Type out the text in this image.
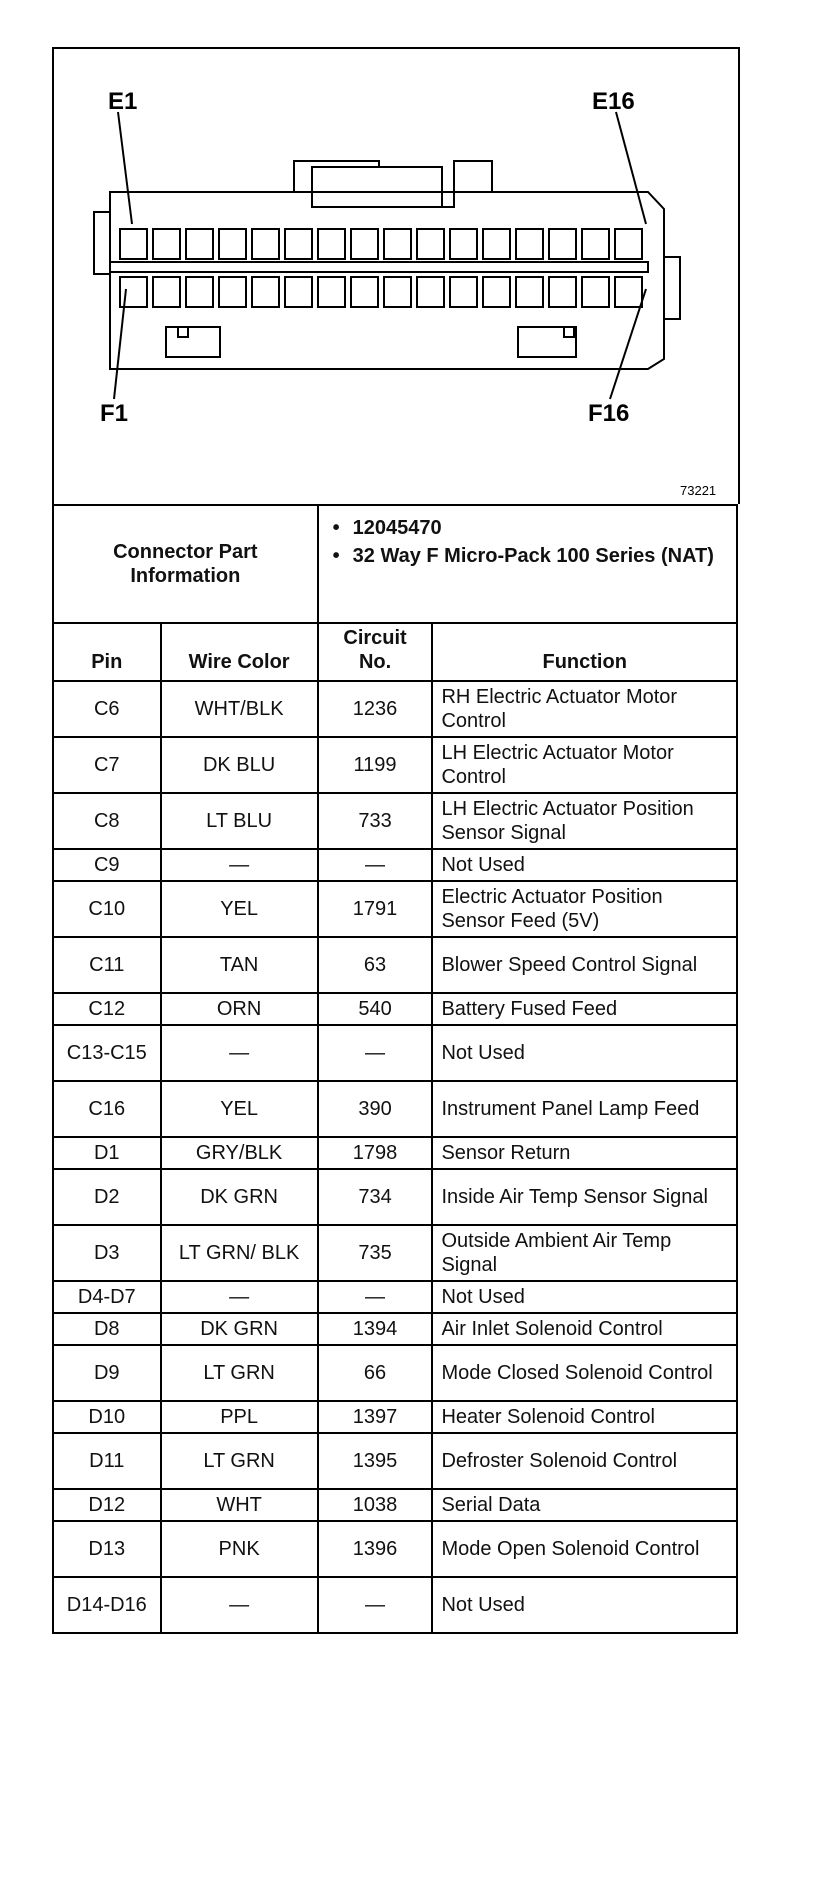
E1	E16
F1	F16
73221
Connector Part Information		• 12045470
• 32 Way F Micro-Pack 100 Series (NAT)

Pin	Wire Color	Circuit No.	Function
C6	WHT/BLK	1236	RH Electric Actuator Motor Control
C7	DK BLU	1199	LH Electric Actuator Motor Control
C8	LT BLU	733	LH Electric Actuator Position Sensor Signal
C9	—	—	Not Used
C10	YEL	1791	Electric Actuator Position Sensor Feed (5V)
C11	TAN	63	Blower Speed Control Signal
C12	ORN	540	Battery Fused Feed
C13-C15	—	—	Not Used
C16	YEL	390	Instrument Panel Lamp Feed
D1	GRY/BLK	1798	Sensor Return
D2	DK GRN	734	Inside Air Temp Sensor Signal
D3	LT GRN/ BLK	735	Outside Ambient Air Temp Signal
D4-D7	—	—	Not Used
D8	DK GRN	1394	Air Inlet Solenoid Control
D9	LT GRN	66	Mode Closed Solenoid Control
D10	PPL	1397	Heater Solenoid Control
D11	LT GRN	1395	Defroster Solenoid Control
D12	WHT	1038	Serial Data
D13	PNK	1396	Mode Open Solenoid Control
D14-D16	—	—	Not Used
